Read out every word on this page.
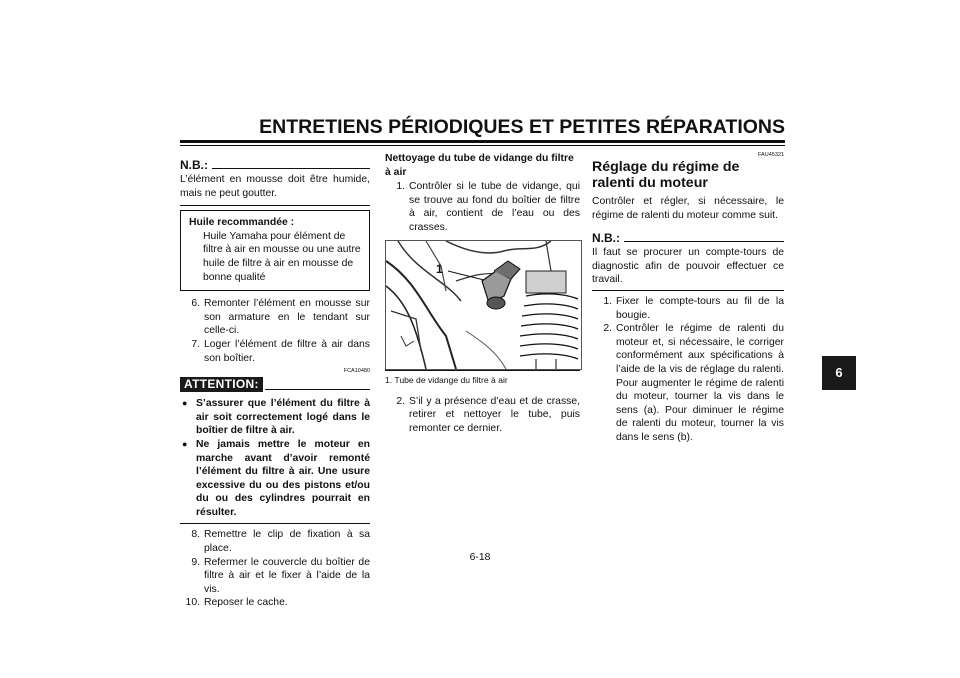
ENTRETIENS PÉRIODIQUES ET PETITES RÉPARATIONS
N.B.:

L’élément en mousse doit être humide, mais ne peut goutter.

Huile recommandée :
Huile Yamaha pour élément de filtre à air en mousse ou une autre huile de filtre à air en mousse de bonne qualité
6. Remonter l’élément en mousse sur son armature en le tendant sur celle-ci.
7. Loger l’élément de filtre à air dans son boîtier.
FCA10480
ATTENTION:
● S’assurer que l’élément du filtre à air soit correctement logé dans le boîtier de filtre à air.
● Ne jamais mettre le moteur en marche avant d’avoir remonté l’élément du filtre à air. Une usure excessive du ou des pistons et/ou du ou des cylindres pourrait en résulter.
8. Remettre le clip de fixation à sa place.
9. Refermer le couvercle du boîtier de filtre à air et le fixer à l’aide de la vis.
10. Reposer le cache.

Nettoyage du tube de vidange du filtre à air

1. Contrôler si le tube de vidange, qui se trouve au fond du boîtier de filtre à air, contient de l’eau ou des crasses.
1
1. Tube de vidange du filtre à air
2. S’il y a présence d’eau et de crasse, retirer et nettoyer le tube, puis remonter ce dernier.
FAU45321
Réglage du régime de ralenti du moteur

Contrôler et régler, si nécessaire, le régime de ralenti du moteur comme suit.

N.B.:

Il faut se procurer un compte-tours de diagnostic afin de pouvoir effectuer ce travail.

1. Fixer le compte-tours au fil de la bougie.
2. Contrôler le régime de ralenti du moteur et, si nécessaire, le corriger conformément aux spécifications à l’aide de la vis de réglage du ralenti. Pour augmenter le régime de ralenti du moteur, tourner la vis dans le sens (a). Pour diminuer le régime de ralenti du moteur, tourner la vis dans le sens (b).
6
6-18
